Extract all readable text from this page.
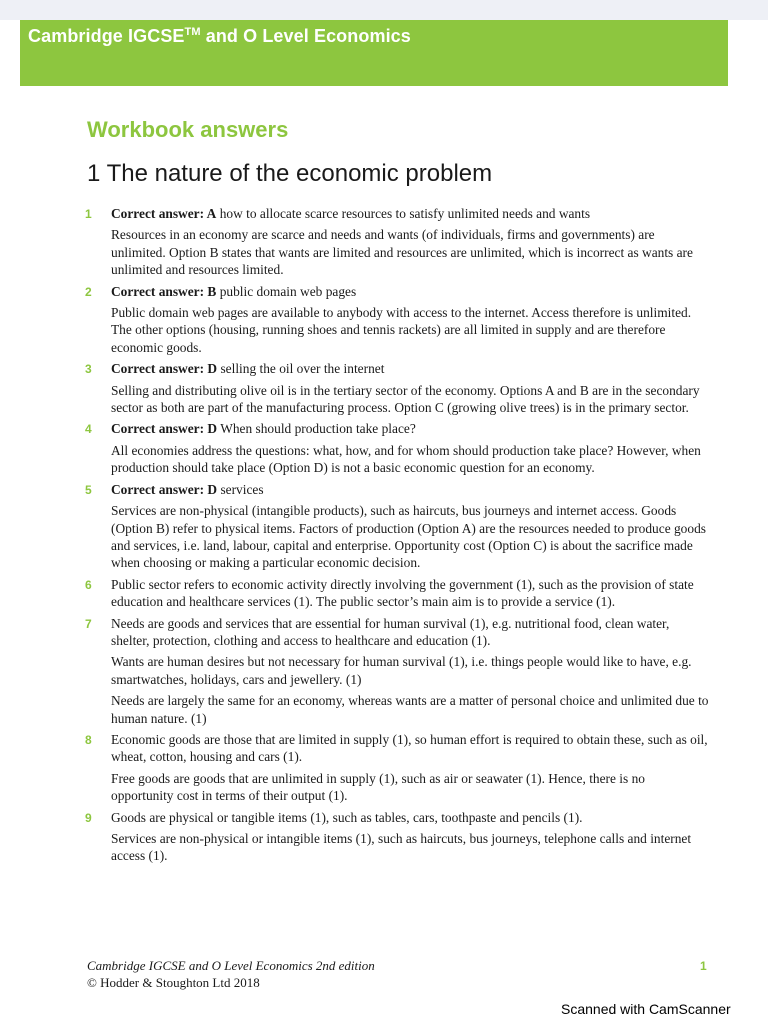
Cambridge IGCSE™ and O Level Economics
Workbook answers
1 The nature of the economic problem
1 Correct answer: A how to allocate scarce resources to satisfy unlimited needs and wants

Resources in an economy are scarce and needs and wants (of individuals, firms and governments) are unlimited. Option B states that wants are limited and resources are unlimited, which is incorrect as wants are unlimited and resources limited.

2 Correct answer: B public domain web pages

Public domain web pages are available to anybody with access to the internet. Access therefore is unlimited. The other options (housing, running shoes and tennis rackets) are all limited in supply and are therefore economic goods.

3 Correct answer: D selling the oil over the internet

Selling and distributing olive oil is in the tertiary sector of the economy. Options A and B are in the secondary sector as both are part of the manufacturing process. Option C (growing olive trees) is in the primary sector.

4 Correct answer: D When should production take place?

All economies address the questions: what, how, and for whom should production take place? However, when production should take place (Option D) is not a basic economic question for an economy.

5 Correct answer: D services

Services are non-physical (intangible products), such as haircuts, bus journeys and internet access. Goods (Option B) refer to physical items. Factors of production (Option A) are the resources needed to produce goods and services, i.e. land, labour, capital and enterprise. Opportunity cost (Option C) is about the sacrifice made when choosing or making a particular economic decision.

6 Public sector refers to economic activity directly involving the government (1), such as the provision of state education and healthcare services (1). The public sector’s main aim is to provide a service (1).

7 Needs are goods and services that are essential for human survival (1), e.g. nutritional food, clean water, shelter, protection, clothing and access to healthcare and education (1).

Wants are human desires but not necessary for human survival (1), i.e. things people would like to have, e.g. smartwatches, holidays, cars and jewellery. (1)

Needs are largely the same for an economy, whereas wants are a matter of personal choice and unlimited due to human nature. (1)

8 Economic goods are those that are limited in supply (1), so human effort is required to obtain these, such as oil, wheat, cotton, housing and cars (1).

Free goods are goods that are unlimited in supply (1), such as air or seawater (1). Hence, there is no opportunity cost in terms of their output (1).

9 Goods are physical or tangible items (1), such as tables, cars, toothpaste and pencils (1).

Services are non-physical or intangible items (1), such as haircuts, bus journeys, telephone calls and internet access (1).

Cambridge IGCSE and O Level Economics 2nd edition
© Hodder & Stoughton Ltd 2018
1
Scanned with CamScanner
